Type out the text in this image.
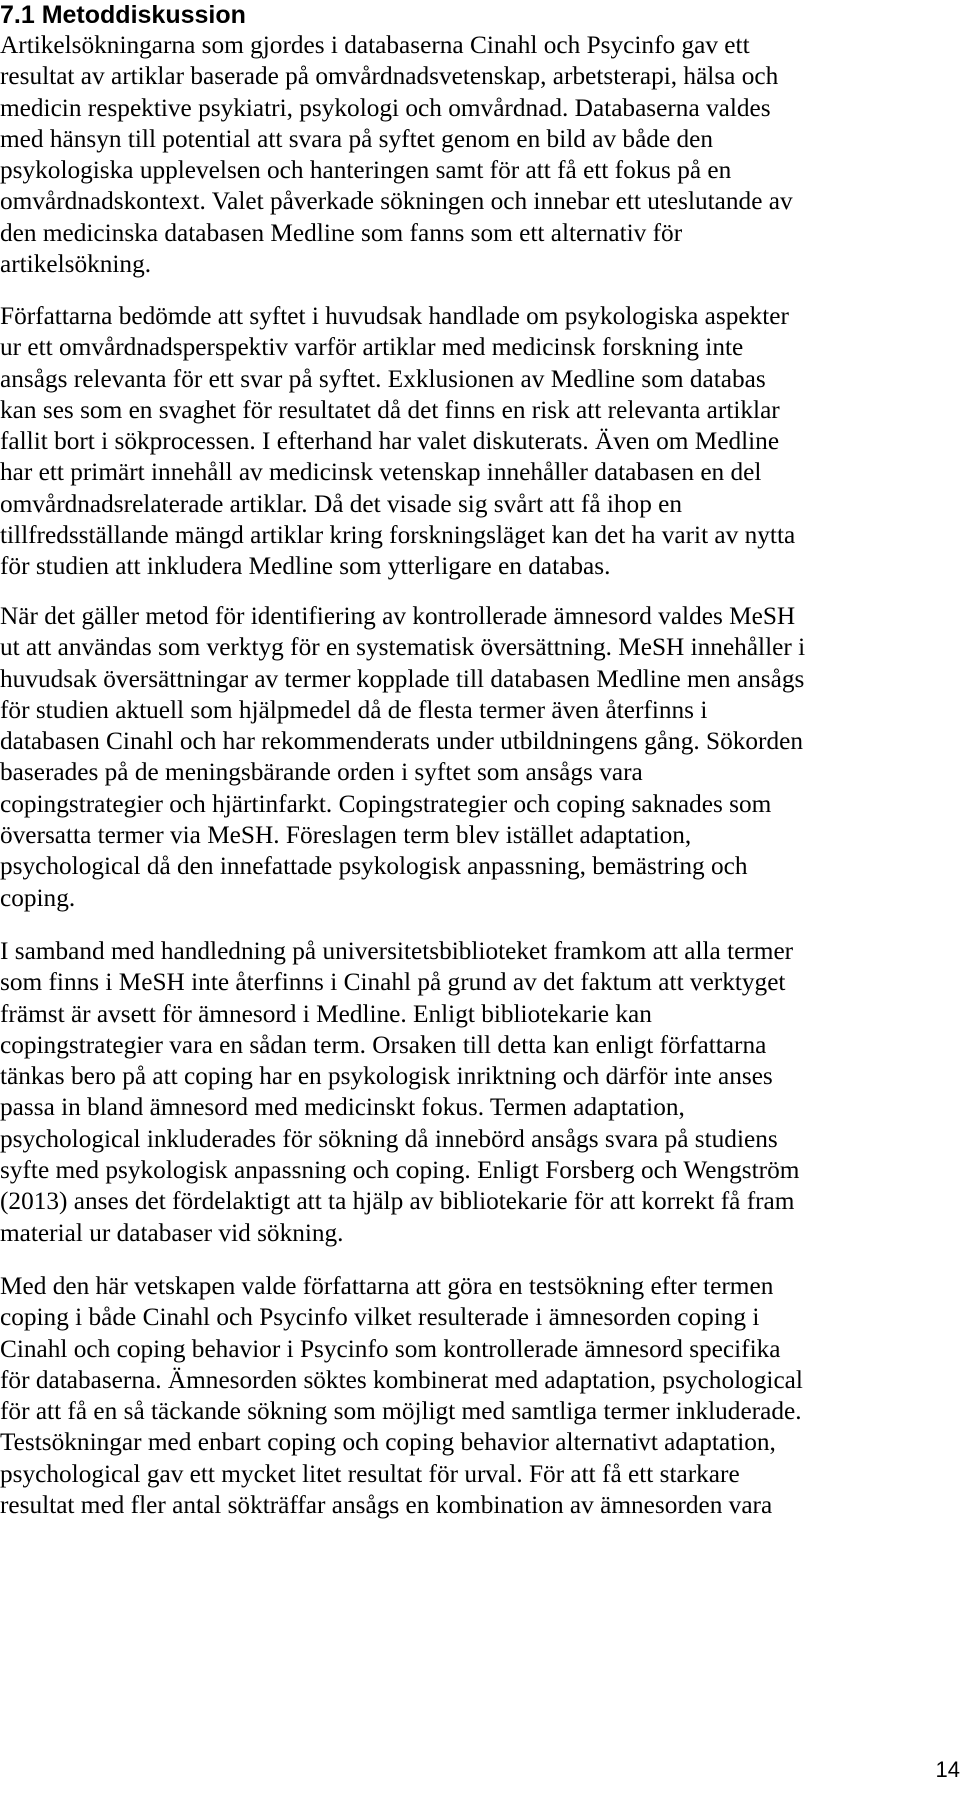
7.1 Metoddiskussion

Artikelsökningarna som gjordes i databaserna Cinahl och Psycinfo gav ett
resultat av artiklar baserade på omvårdnadsvetenskap, arbetsterapi, hälsa och
medicin respektive psykiatri, psykologi och omvårdnad. Databaserna valdes
med hänsyn till potential att svara på syftet genom en bild av både den
psykologiska upplevelsen och hanteringen samt för att få ett fokus på en
omvårdnadskontext. Valet påverkade sökningen och innebar ett uteslutande av
den medicinska databasen Medline som fanns som ett alternativ för
artikelsökning.

Författarna bedömde att syftet i huvudsak handlade om psykologiska aspekter
ur ett omvårdnadsperspektiv varför artiklar med medicinsk forskning inte
ansågs relevanta för ett svar på syftet. Exklusionen av Medline som databas
kan ses som en svaghet för resultatet då det finns en risk att relevanta artiklar
fallit bort i sökprocessen. I efterhand har valet diskuterats. Även om Medline
har ett primärt innehåll av medicinsk vetenskap innehåller databasen en del
omvårdnadsrelaterade artiklar. Då det visade sig svårt att få ihop en
tillfredsställande mängd artiklar kring forskningsläget kan det ha varit av nytta
för studien att inkludera Medline som ytterligare en databas.

När det gäller metod för identifiering av kontrollerade ämnesord valdes MeSH
ut att användas som verktyg för en systematisk översättning. MeSH innehåller i
huvudsak översättningar av termer kopplade till databasen Medline men ansågs
för studien aktuell som hjälpmedel då de flesta termer även återfinns i
databasen Cinahl och har rekommenderats under utbildningens gång. Sökorden
baserades på de meningsbärande orden i syftet som ansågs vara
copingstrategier och hjärtinfarkt. Copingstrategier och coping saknades som
översatta termer via MeSH. Föreslagen term blev istället adaptation,
psychological då den innefattade psykologisk anpassning, bemästring och
coping.

I samband med handledning på universitetsbiblioteket framkom att alla termer
som finns i MeSH inte återfinns i Cinahl på grund av det faktum att verktyget
främst är avsett för ämnesord i Medline. Enligt bibliotekarie kan
copingstrategier vara en sådan term. Orsaken till detta kan enligt författarna
tänkas bero på att coping har en psykologisk inriktning och därför inte anses
passa in bland ämnesord med medicinskt fokus. Termen adaptation,
psychological inkluderades för sökning då innebörd ansågs svara på studiens
syfte med psykologisk anpassning och coping. Enligt Forsberg och Wengström
(2013) anses det fördelaktigt att ta hjälp av bibliotekarie för att korrekt få fram
material ur databaser vid sökning.

Med den här vetskapen valde författarna att göra en testsökning efter termen
coping i både Cinahl och Psycinfo vilket resulterade i ämnesorden coping i
Cinahl och coping behavior i Psycinfo som kontrollerade ämnesord specifika
för databaserna. Ämnesorden söktes kombinerat med adaptation, psychological
för att få en så täckande sökning som möjligt med samtliga termer inkluderade.
Testsökningar med enbart coping och coping behavior alternativt adaptation,
psychological gav ett mycket litet resultat för urval. För att få ett starkare
resultat med fler antal sökträffar ansågs en kombination av ämnesorden vara

14
